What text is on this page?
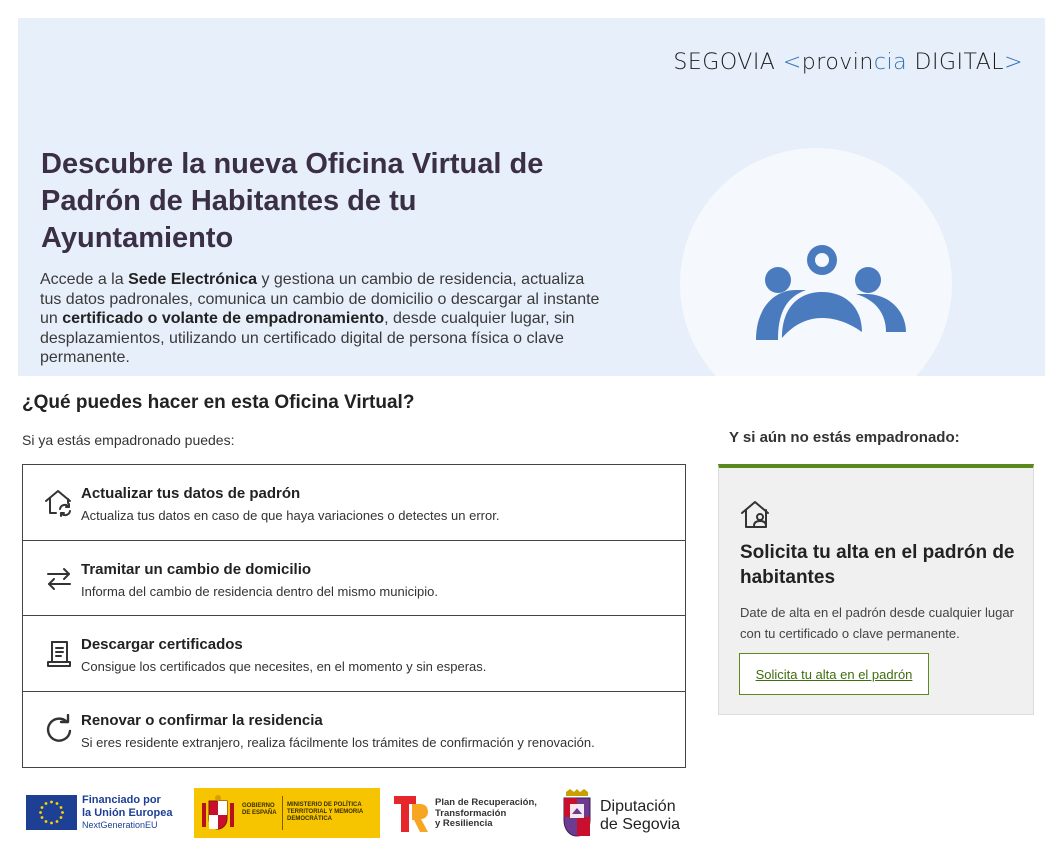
SEGOVIA <provincia DIGITAL>
Descubre la nueva Oficina Virtual de Padrón de Habitantes de tu Ayuntamiento

Accede a la Sede Electrónica y gestiona un cambio de residencia, actualiza tus datos padronales, comunica un cambio de domicilio o descargar al instante un certificado o volante de empadronamiento, desde cualquier lugar, sin desplazamientos, utilizando un certificado digital de persona física o clave permanente.

¿Qué puedes hacer en esta Oficina Virtual?

Si ya estás empadronado puedes:

Actualizar tus datos de padrón
Actualiza tus datos en caso de que haya variaciones o detectes un error.
Tramitar un cambio de domicilio
Informa del cambio de residencia dentro del mismo municipio.
Descargar certificados
Consigue los certificados que necesites, en el momento y sin esperas.
Renovar o confirmar la residencia
Si eres residente extranjero, realiza fácilmente los trámites de confirmación y renovación.
Y si aún no estás empadronado:
Solicita tu alta en el padrón de habitantes
Date de alta en el padrón desde cualquier lugar con tu certificado o clave permanente.
Solicita tu alta en el padrón
Financiado por
la Unión Europea
NextGenerationEU
GOBIERNO DE ESPAÑA
MINISTERIO DE POLÍTICA TERRITORIAL Y MEMORIA DEMOCRÁTICA
Plan de Recuperación,
Transformación
y Resiliencia
Diputación
de Segovia
